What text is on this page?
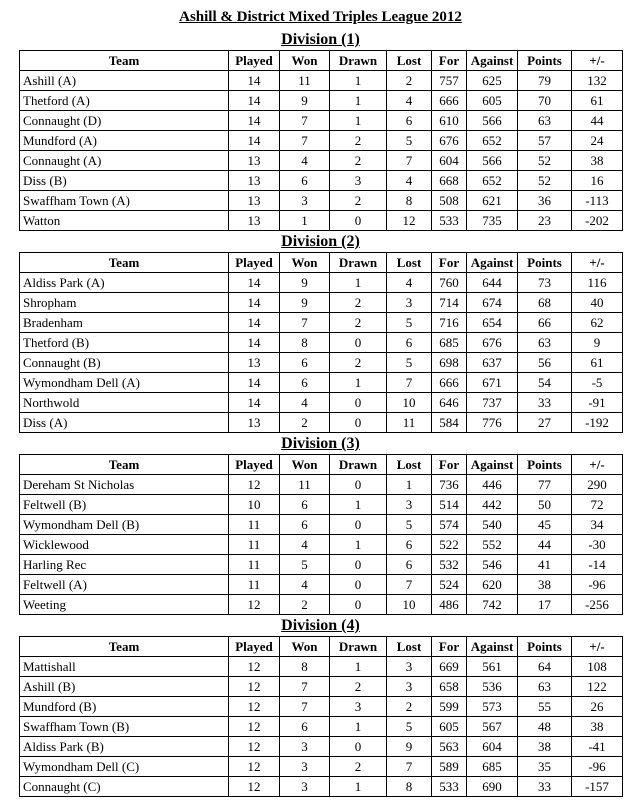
Ashill & District Mixed Triples League 2012
Division (1)
Team	Played	Won	Drawn	Lost	For	Against	Points	+/-
Ashill (A)	14	11	1	2	757	625	79	132
Thetford (A)	14	9	1	4	666	605	70	61
Connaught (D)	14	7	1	6	610	566	63	44
Mundford (A)	14	7	2	5	676	652	57	24
Connaught (A)	13	4	2	7	604	566	52	38
Diss (B)	13	6	3	4	668	652	52	16
Swaffham Town (A)	13	3	2	8	508	621	36	-113
Watton	13	1	0	12	533	735	23	-202
Division (2)
Team	Played	Won	Drawn	Lost	For	Against	Points	+/-
Aldiss Park (A)	14	9	1	4	760	644	73	116
Shropham	14	9	2	3	714	674	68	40
Bradenham	14	7	2	5	716	654	66	62
Thetford (B)	14	8	0	6	685	676	63	9
Connaught (B)	13	6	2	5	698	637	56	61
Wymondham Dell (A)	14	6	1	7	666	671	54	-5
Northwold	14	4	0	10	646	737	33	-91
Diss (A)	13	2	0	11	584	776	27	-192
Division (3)
Team	Played	Won	Drawn	Lost	For	Against	Points	+/-
Dereham St Nicholas	12	11	0	1	736	446	77	290
Feltwell (B)	10	6	1	3	514	442	50	72
Wymondham Dell (B)	11	6	0	5	574	540	45	34
Wicklewood	11	4	1	6	522	552	44	-30
Harling Rec	11	5	0	6	532	546	41	-14
Feltwell (A)	11	4	0	7	524	620	38	-96
Weeting	12	2	0	10	486	742	17	-256
Division (4)
Team	Played	Won	Drawn	Lost	For	Against	Points	+/-
Mattishall	12	8	1	3	669	561	64	108
Ashill (B)	12	7	2	3	658	536	63	122
Mundford (B)	12	7	3	2	599	573	55	26
Swaffham Town (B)	12	6	1	5	605	567	48	38
Aldiss Park (B)	12	3	0	9	563	604	38	-41
Wymondham Dell (C)	12	3	2	7	589	685	35	-96
Connaught (C)	12	3	1	8	533	690	33	-157
